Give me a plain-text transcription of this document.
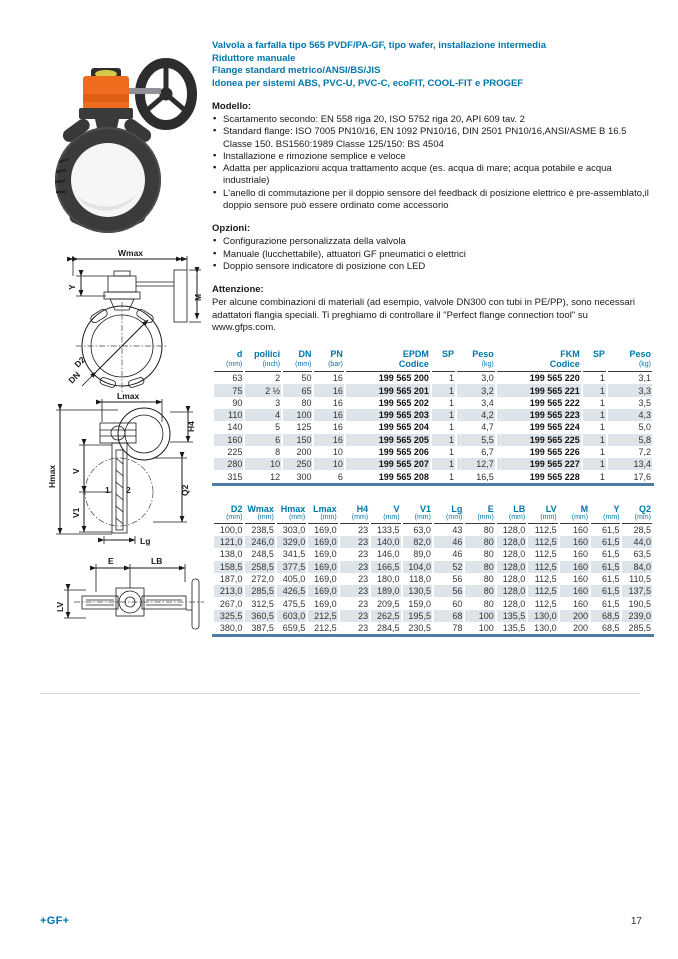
Wmax
Y
M
D2
DN
Lmax
H4
1 2
Hmax V
V1
Q2
Lg
E	LB
LV
Valvola a farfalla tipo 565 PVDF/PA-GF, tipo wafer, installazione intermedia
Riduttore manuale
Flange standard metrico/ANSI/BS/JIS
Idonea per sistemi ABS, PVC-U, PVC-C, ecoFIT, COOL-FIT e PROGEF
Modello:
• Scartamento secondo: EN 558 riga 20, ISO 5752 riga 20, API 609 tav. 2
• Standard flange: ISO 7005 PN10/16, EN 1092 PN10/16, DIN 2501 PN10/16,ANSI/ASME B 16.5 Classe 150. BS1560:1989 Classe 125/150: BS 4504
• Installazione e rimozione semplice e veloce
• Adatta per applicazioni acqua trattamento acque (es. acqua di mare; acqua potabile e acqua industriale)
• L'anello di commutazione per il doppio sensore del feedback di posizione elettrico è pre-assemblato,il doppio sensore può essere ordinato come accessorio
Opzioni:
• Configurazione personalizzata della valvola
• Manuale (lucchettabile), attuatori GF pneumatici o elettrici
• Doppio sensore indicatore di posizione con LED
Attenzione:

Per alcune combinazioni di materiali (ad esempio, valvole DN300 con tubi in PE/PP), sono necessari adattatori flangia speciali. Ti preghiamo di controllare il "Perfect flange connection tool" su www.gfps.com.

d	pollici	DN	PN	EPDM	SP	Peso	FKM	SP	Peso
(mm)	(inch)	(mm)	(bar)	Codice		(kg)	Codice		(kg)
63	2	50	16	199 565 200	1	3,0	199 565 220	1	3,1
75	2 ½	65	16	199 565 201	1	3,2	199 565 221	1	3,3
90	3	80	16	199 565 202	1	3,4	199 565 222	1	3,5
110	4	100	16	199 565 203	1	4,2	199 565 223	1	4,3
140	5	125	16	199 565 204	1	4,7	199 565 224	1	5,0
160	6	150	16	199 565 205	1	5,5	199 565 225	1	5,8
225	8	200	10	199 565 206	1	6,7	199 565 226	1	7,2
280	10	250	10	199 565 207	1	12,7	199 565 227	1	13,4
315	12	300	6	199 565 208	1	16,5	199 565 228	1	17,6
D2	Wmax	Hmax	Lmax	H4	V	V1	Lg	E	LB	LV	M	Y	Q2
(mm)	(mm)	(mm)	(mm)	(mm)	(mm)	(mm)	(mm)	(mm)	(mm)	(mm)	(mm)	(mm)	(mm)
100,0	238,5	303,0	169,0	23	133,5	63,0	43	80	128,0	112,5	160	61,5	28,5
121,0	246,0	329,0	169,0	23	140,0	82,0	46	80	128,0	112,5	160	61,5	44,0
138,0	248,5	341,5	169,0	23	146,0	89,0	46	80	128,0	112,5	160	61,5	63,5
158,5	258,5	377,5	169,0	23	166,5	104,0	52	80	128,0	112,5	160	61,5	84,0
187,0	272,0	405,0	169,0	23	180,0	118,0	56	80	128,0	112,5	160	61,5	110,5
213,0	285,5	426,5	169,0	23	189,0	130,5	56	80	128,0	112,5	160	61,5	137,5
267,0	312,5	475,5	169,0	23	209,5	159,0	60	80	128,0	112,5	160	61,5	190,5
325,5	360,5	603,0	212,5	23	262,5	195,5	68	100	135,5	130,0	200	68,5	239,0
380,0	387,5	659,5	212,5	23	284,5	230,5	78	100	135,5	130,0	200	68,5	285,5
+GF+	17
